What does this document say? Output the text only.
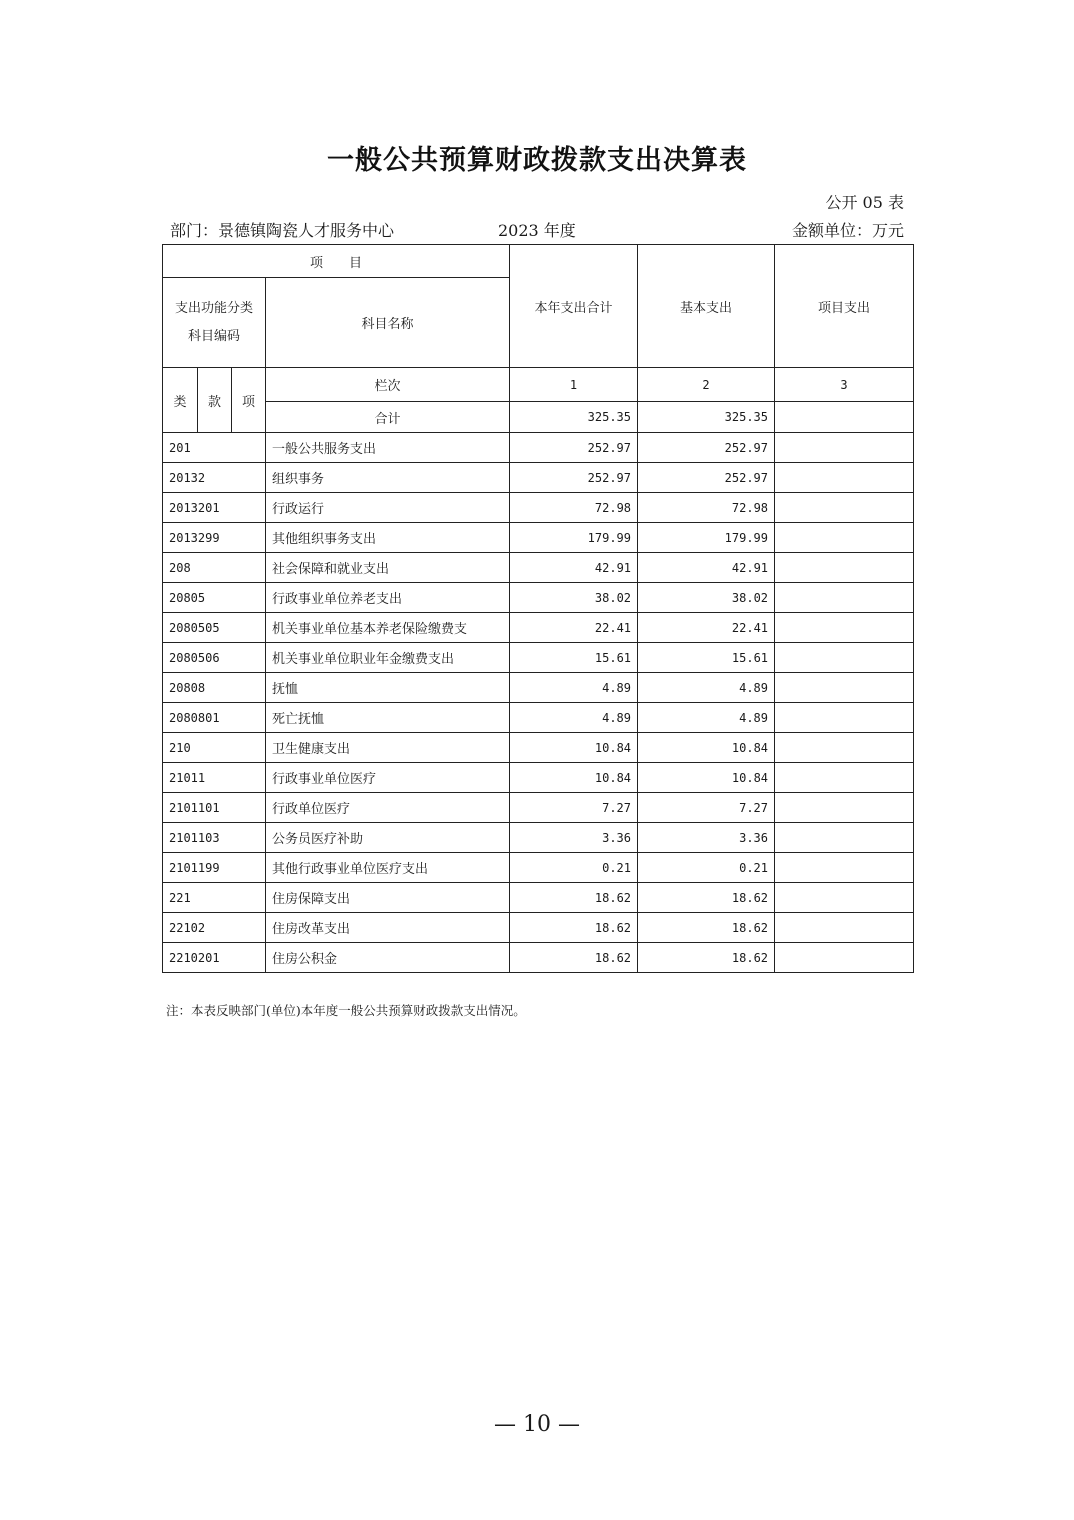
一般公共预算财政拨款支出决算表
公开 05 表
部门：景德镇陶瓷人才服务中心	2023 年度	金额单位：万元
项　　目				本年支出合计	基本支出	项目支出

支出功能分类
科目编码			科目名称			
类	款	项	栏次	1	2	3
			合计	325.35	325.35	
201			一般公共服务支出	252.97	252.97	
20132			组织事务	252.97	252.97	
2013201			行政运行	72.98	72.98	
2013299			其他组织事务支出	179.99	179.99	
208			社会保障和就业支出	42.91	42.91	
20805			行政事业单位养老支出	38.02	38.02	
2080505			机关事业单位基本养老保险缴费支	22.41	22.41	
2080506			机关事业单位职业年金缴费支出	15.61	15.61	
20808			抚恤	4.89	4.89	
2080801			死亡抚恤	4.89	4.89	
210			卫生健康支出	10.84	10.84	
21011			行政事业单位医疗	10.84	10.84	
2101101			行政单位医疗	7.27	7.27	
2101103			公务员医疗补助	3.36	3.36	
2101199			其他行政事业单位医疗支出	0.21	0.21	
221			住房保障支出	18.62	18.62	
22102			住房改革支出	18.62	18.62	
2210201			住房公积金	18.62	18.62	
注：本表反映部门(单位)本年度一般公共预算财政拨款支出情况。
— 10 —
